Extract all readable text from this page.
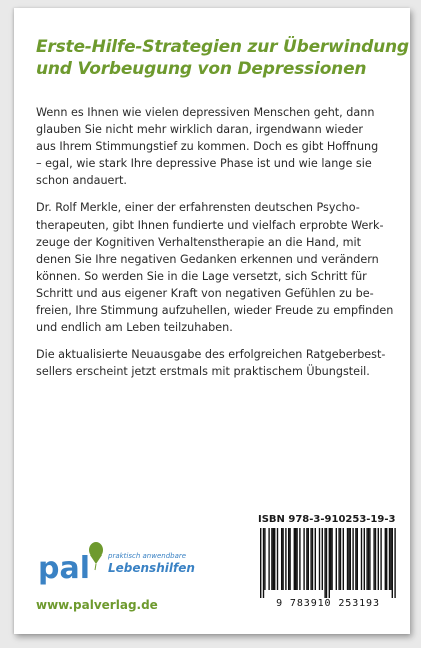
Erste-Hilfe-Strategien zur Überwindung
und Vorbeugung von Depressionen

Wenn es Ihnen wie vielen depressiven Menschen geht, dann
glauben Sie nicht mehr wirklich daran, irgendwann wieder
aus Ihrem Stimmungstief zu kommen. Doch es gibt Hoffnung
– egal, wie stark Ihre depressive Phase ist und wie lange sie
schon andauert.

Dr. Rolf Merkle, einer der erfahrensten deutschen Psycho-
therapeuten, gibt Ihnen fundierte und vielfach erprobte Werk-
zeuge der Kognitiven Verhaltenstherapie an die Hand, mit
denen Sie Ihre negativen Gedanken erkennen und verändern
können. So werden Sie in die Lage versetzt, sich Schritt für
Schritt und aus eigener Kraft von negativen Gefühlen zu be-
freien, Ihre Stimmung aufzuhellen, wieder Freude zu empfinden
und endlich am Leben teilzuhaben.

Die aktualisierte Neuausgabe des erfolgreichen Ratgeberbest-
sellers erscheint jetzt erstmals mit praktischem Übungsteil.

ISBN 978-3-910253-19-3
9 783910 253193
pal	praktisch anwendbare
Lebenshilfen
www.palverlag.de
